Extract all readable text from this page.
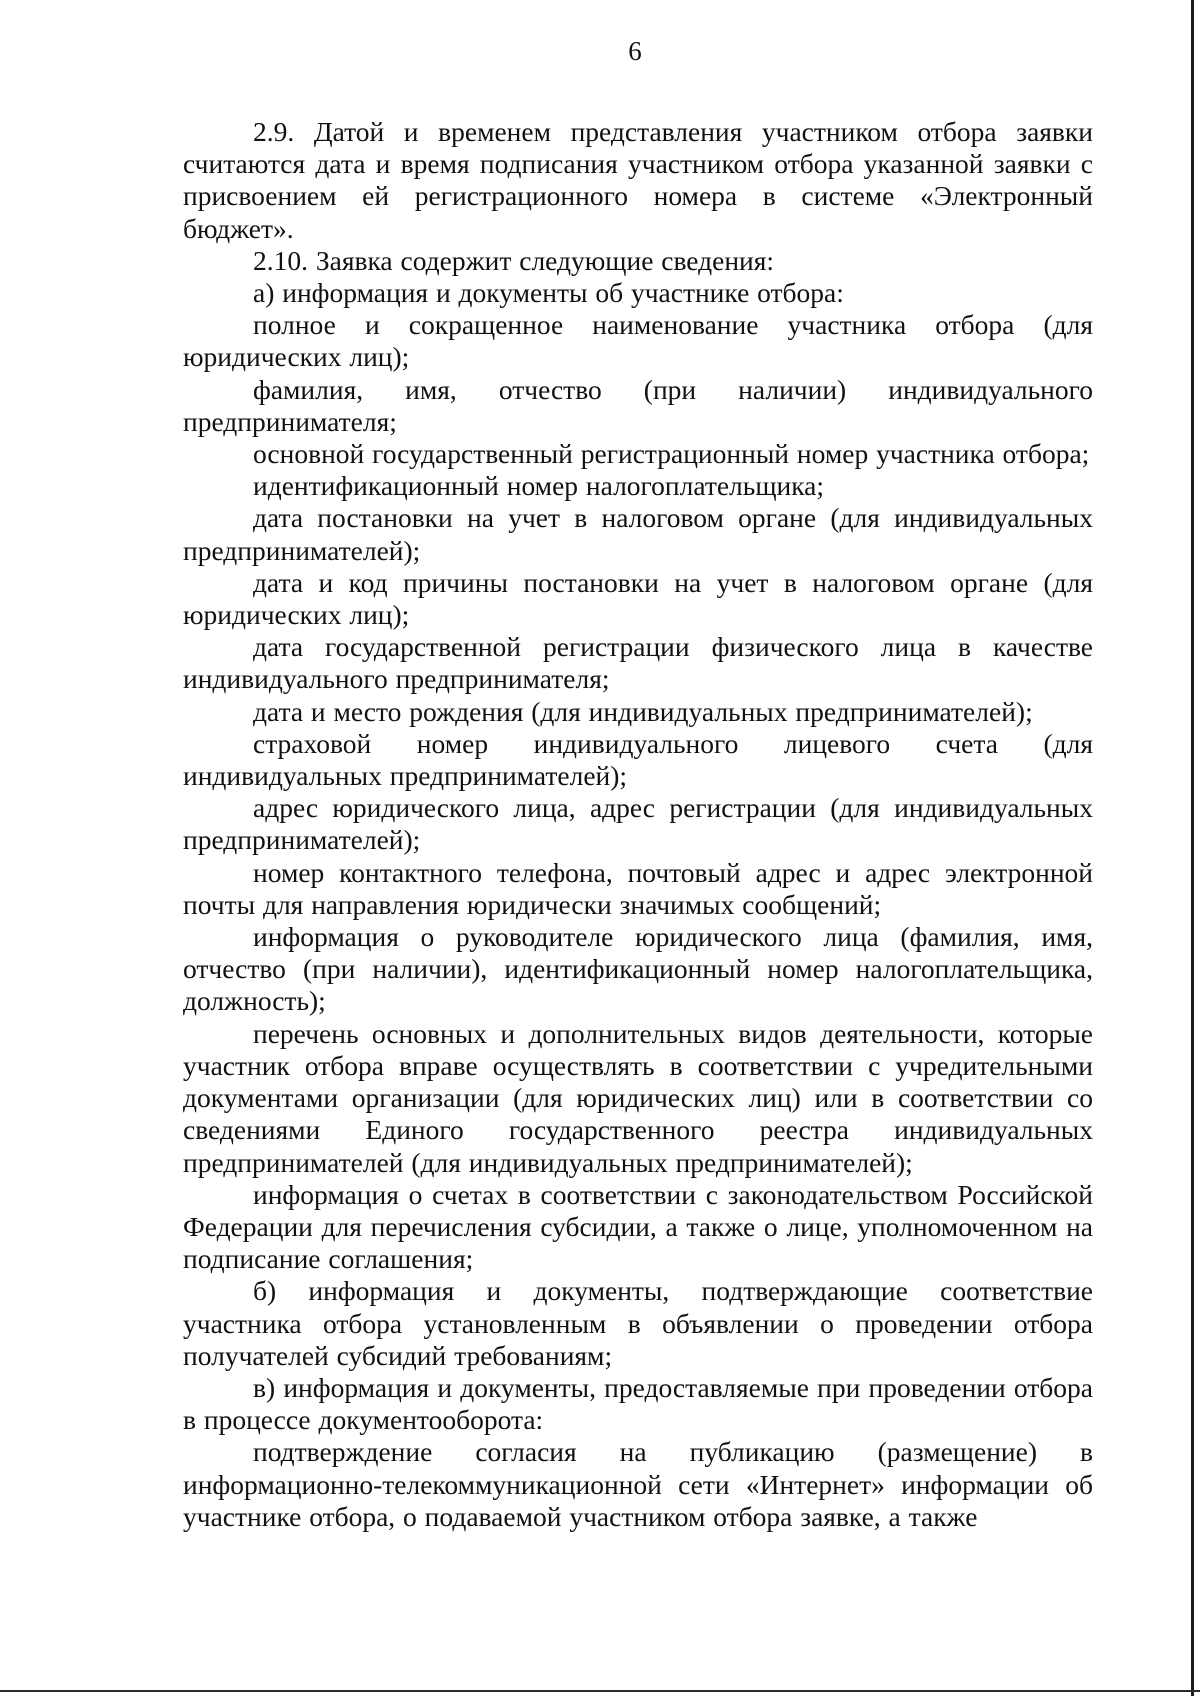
6

2.9. Датой и временем представления участником отбора заявки считаются дата и время подписания участником отбора указанной заявки с присвоением ей регистрационного номера в системе «Электронный бюджет».

2.10. Заявка содержит следующие сведения:

а) информация и документы об участнике отбора:

полное и сокращенное наименование участника отбора (для юридических лиц);

фамилия, имя, отчество (при наличии) индивидуального предпринимателя;

основной государственный регистрационный номер участника отбора;

идентификационный номер налогоплательщика;

дата постановки на учет в налоговом органе (для индивидуальных предпринимателей);

дата и код причины постановки на учет в налоговом органе (для юридических лиц);

дата государственной регистрации физического лица в качестве индивидуального предпринимателя;

дата и место рождения (для индивидуальных предпринимателей);

страховой номер индивидуального лицевого счета (для индивидуальных предпринимателей);

адрес юридического лица, адрес регистрации (для индивидуальных предпринимателей);

номер контактного телефона, почтовый адрес и адрес электронной почты для направления юридически значимых сообщений;

информация о руководителе юридического лица (фамилия, имя, отчество (при наличии), идентификационный номер налогоплательщика, должность);

перечень основных и дополнительных видов деятельности, которые участник отбора вправе осуществлять в соответствии с учредительными документами организации (для юридических лиц) или в соответствии со сведениями Единого государственного реестра индивидуальных предпринимателей (для индивидуальных предпринимателей);

информация о счетах в соответствии с законодательством Российской Федерации для перечисления субсидии, а также о лице, уполномоченном на подписание соглашения;

б) информация и документы, подтверждающие соответствие участника отбора установленным в объявлении о проведении отбора получателей субсидий требованиям;

в) информация и документы, предоставляемые при проведении отбора в процессе документооборота:

подтверждение согласия на публикацию (размещение) в информационно-телекоммуникационной сети «Интернет» информации об участнике отбора, о подаваемой участником отбора заявке, а также
